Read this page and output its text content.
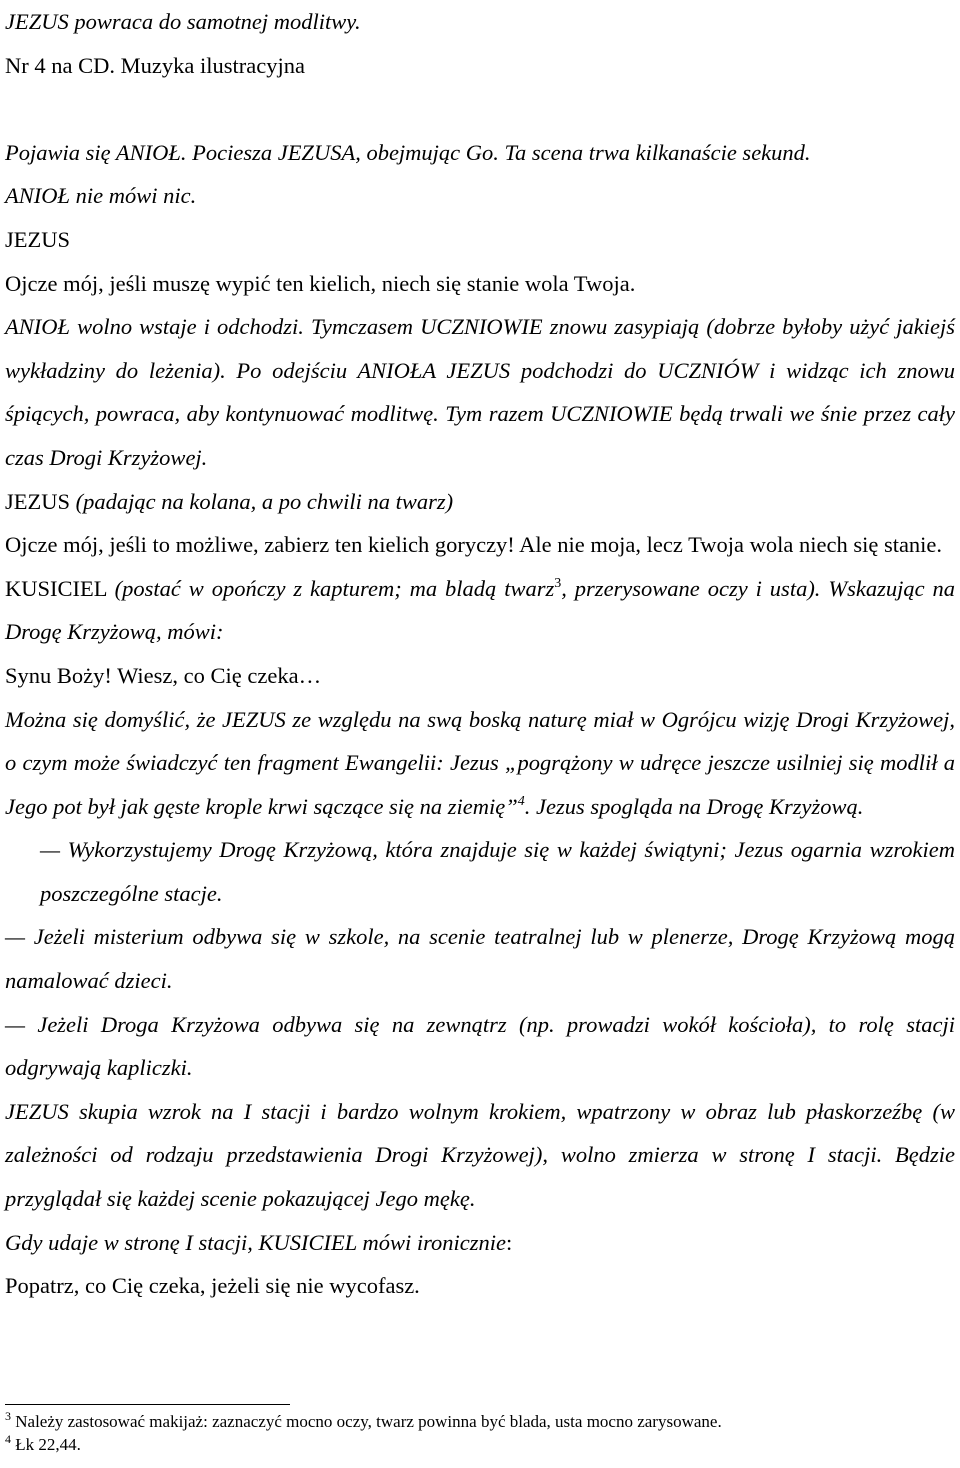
JEZUS powraca do samotnej modlitwy.

Nr 4 na CD. Muzyka ilustracyjna

Pojawia się ANIOŁ. Pociesza JEZUSA, obejmując Go. Ta scena trwa kilkanaście sekund.

ANIOŁ nie mówi nic.

JEZUS

Ojcze mój, jeśli muszę wypić ten kielich, niech się stanie wola Twoja.

ANIOŁ wolno wstaje i odchodzi. Tymczasem UCZNIOWIE znowu zasypiają (dobrze byłoby użyć jakiejś wykładziny do leżenia). Po odejściu ANIOŁA JEZUS podchodzi do UCZNIÓW i widząc ich znowu śpiących, powraca, aby kontynuować modlitwę. Tym razem UCZNIOWIE będą trwali we śnie przez cały czas Drogi Krzyżowej.

JEZUS (padając na kolana, a po chwili na twarz)

Ojcze mój, jeśli to możliwe, zabierz ten kielich goryczy! Ale nie moja, lecz Twoja wola niech się stanie.

KUSICIEL (postać w opończy z kapturem; ma bladą twarz$^3$, przerysowane oczy i usta). Wskazując na Drogę Krzyżową, mówi:

Synu Boży! Wiesz, co Cię czeka…

Można się domyślić, że JEZUS ze względu na swą boską naturę miał w Ogrójcu wizję Drogi Krzyżowej, o czym może świadczyć ten fragment Ewangelii: Jezus „pogrążony w udręce jeszcze usilniej się modlił a Jego pot był jak gęste krople krwi sączące się na ziemię”$^4$. Jezus spogląda na Drogę Krzyżową.

— Wykorzystujemy Drogę Krzyżową, która znajduje się w każdej świątyni; Jezus ogarnia wzrokiem poszczególne stacje.

— Jeżeli misterium odbywa się w szkole, na scenie teatralnej lub w plenerze, Drogę Krzyżową mogą namalować dzieci.

— Jeżeli Droga Krzyżowa odbywa się na zewnątrz (np. prowadzi wokół kościoła), to rolę stacji odgrywają kapliczki.

JEZUS skupia wzrok na I stacji i bardzo wolnym krokiem, wpatrzony w obraz lub płaskorzeźbę (w zależności od rodzaju przedstawienia Drogi Krzyżowej), wolno zmierza w stronę I stacji. Będzie przyglądał się każdej scenie pokazującej Jego mękę.

Gdy udaje w stronę I stacji, KUSICIEL mówi ironicznie:

Popatrz, co Cię czeka, jeżeli się nie wycofasz.

$^3$ Należy zastosować makijaż: zaznaczyć mocno oczy, twarz powinna być blada, usta mocno zarysowane.
$^4$ Łk 22,44.
